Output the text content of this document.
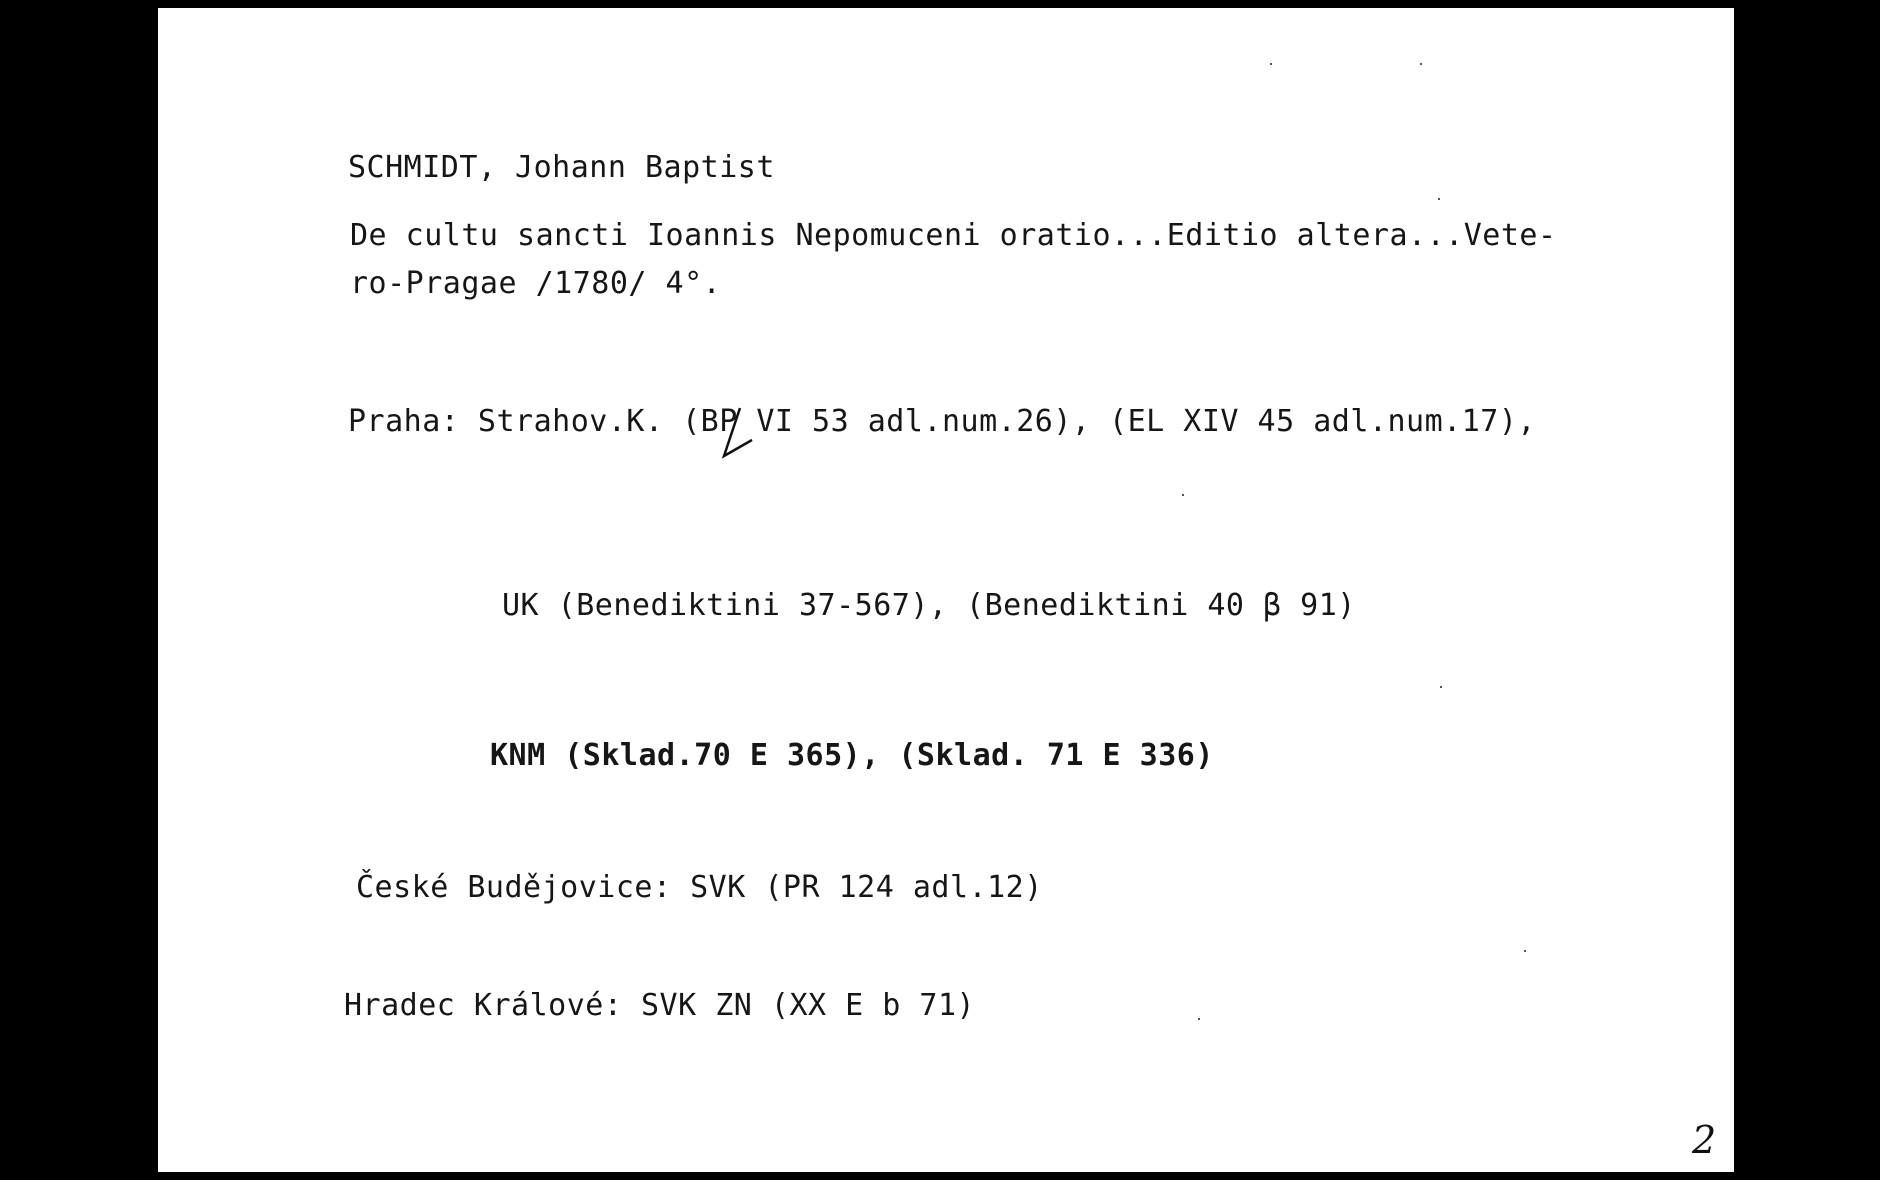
SCHMIDT, Johann Baptist
De cultu sancti Ioannis Nepomuceni oratio...Editio altera...Vete-
ro-Pragae /1780/ 4°.
Praha: Strahov.K. (BP VI 53 adl.num.26), (EL XIV 45 adl.num.17),
UK (Benediktini 37-567), (Benediktini 40 β 91)
KNM (Sklad.70 E 365), (Sklad. 71 E 336)
České Budějovice: SVK (PR 124 adl.12)
Hradec Králové: SVK ZN (XX E b 71)
2
